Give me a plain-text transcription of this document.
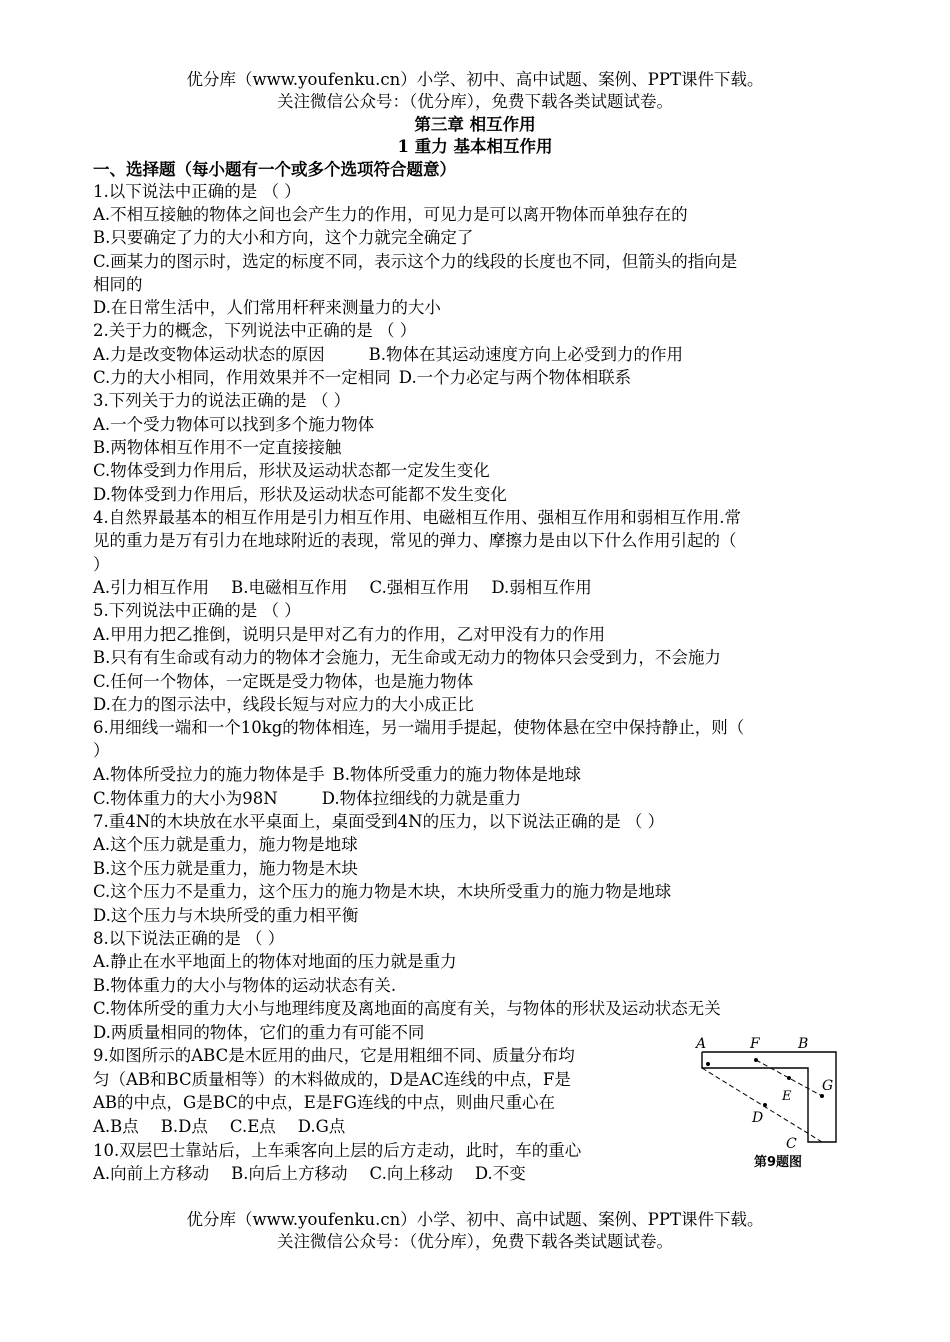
优分库（www.youfenku.cn）小学、初中、高中试题、案例、PPT课件下载。
关注微信公众号：（优分库），免费下载各类试题试卷。
第三章 相互作用
1 重力 基本相互作用
一、选择题（每小题有一个或多个选项符合题意）
1.以下说法中正确的是 （ ）
A.不相互接触的物体之间也会产生力的作用，可见力是可以离开物体而单独存在的
B.只要确定了力的大小和方向，这个力就完全确定了
C.画某力的图示时，选定的标度不同，表示这个力的线段的长度也不同，但箭头的指向是
相同的
D.在日常生活中，人们常用杆秤来测量力的大小
2.关于力的概念，下列说法中正确的是 （ ）
A.力是改变物体运动状态的原因	B.物体在其运动速度方向上必受到力的作用
C.力的大小相同，作用效果并不一定相同 D.一个力必定与两个物体相联系
3.下列关于力的说法正确的是 （ ）
A.一个受力物体可以找到多个施力物体
B.两物体相互作用不一定直接接触
C.物体受到力作用后，形状及运动状态都一定发生变化
D.物体受到力作用后，形状及运动状态可能都不发生变化
4.自然界最基本的相互作用是引力相互作用、电磁相互作用、强相互作用和弱相互作用.常
见的重力是万有引力在地球附近的表现，常见的弹力、摩擦力是由以下什么作用引起的（
）
A.引力相互作用 B.电磁相互作用 C.强相互作用 D.弱相互作用
5.下列说法中正确的是 （ ）
A.甲用力把乙推倒，说明只是甲对乙有力的作用，乙对甲没有力的作用
B.只有有生命或有动力的物体才会施力，无生命或无动力的物体只会受到力，不会施力
C.任何一个物体，一定既是受力物体，也是施力物体
D.在力的图示法中，线段长短与对应力的大小成正比
6.用细线一端和一个10kg的物体相连，另一端用手提起，使物体悬在空中保持静止，则（
）
A.物体所受拉力的施力物体是手 B.物体所受重力的施力物体是地球
C.物体重力的大小为98N	D.物体拉细线的力就是重力
7.重4N的木块放在水平桌面上，桌面受到4N的压力，以下说法正确的是 （ ）
A.这个压力就是重力，施力物是地球
B.这个压力就是重力，施力物是木块
C.这个压力不是重力，这个压力的施力物是木块，木块所受重力的施力物是地球
D.这个压力与木块所受的重力相平衡
8.以下说法正确的是 （ ）
A.静止在水平地面上的物体对地面的压力就是重力
B.物体重力的大小与物体的运动状态有关.
C.物体所受的重力大小与地理纬度及离地面的高度有关，与物体的形状及运动状态无关
D.两质量相同的物体，它们的重力有可能不同
9.如图所示的ABC是木匠用的曲尺，它是用粗细不同、质量分布均
匀（AB和BC质量相等）的木料做成的，D是AC连线的中点，F是
AB的中点，G是BC的中点，E是FG连线的中点，则曲尺重心在
A.B点 B.D点 C.E点 D.G点
A	F	B
G
E
D
C
第9题图
10.双层巴士靠站后，上车乘客向上层的后方走动，此时，车的重心
A.向前上方移动 B.向后上方移动 C.向上移动 D.不变
优分库（www.youfenku.cn）小学、初中、高中试题、案例、PPT课件下载。
关注微信公众号：（优分库），免费下载各类试题试卷。
